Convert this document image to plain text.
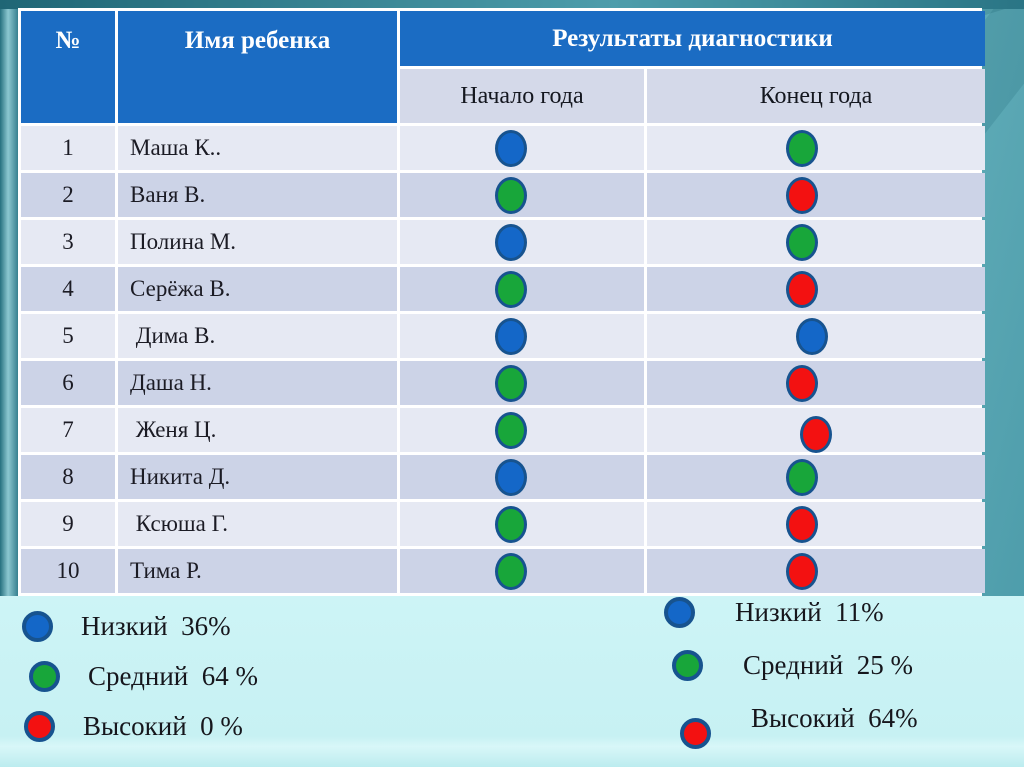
№	Имя ребенка	Результаты диагностики
Начало года	Конец года
1	Маша К..
2	Ваня В.
3	Полина М.
4	Серёжа В.
5	Дима В.
6	Даша Н.
7	Женя Ц.
8	Никита Д.
9	Ксюша Г.
10	Тима Р.
Низкий  36%
Средний  64 %
Высокий  0 %
Низкий  11%
Средний  25 %
Высокий  64%
